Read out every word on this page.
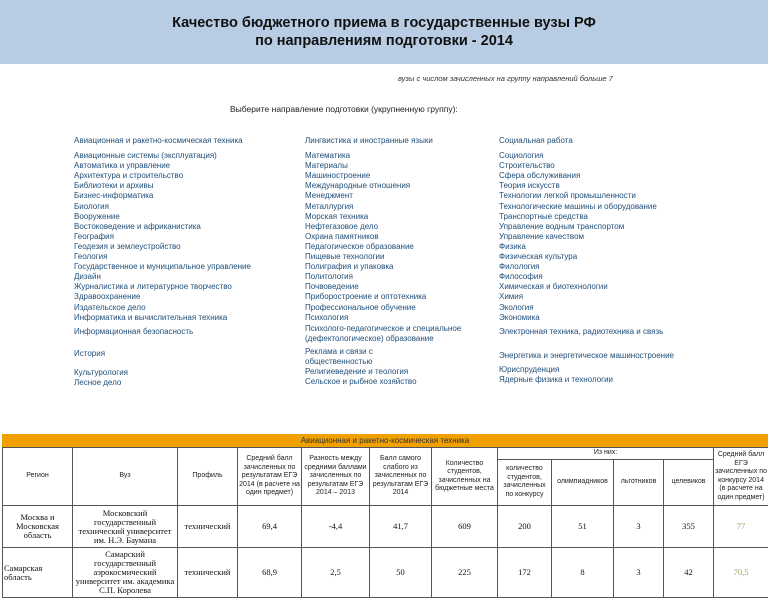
Качество бюджетного приема в государственные вузы РФ
по направлениям подготовки - 2014
вузы с числом зачисленных на группу направлений больше 7
Выберите направление подготовки (укрупненную группу):
Авиационная и ракетно-космическая техника
Авиационные системы (эксплуатация)
Автоматика и управление
Архитектура и строительство
Библиотеки и архивы
Бизнес-информатика
Биология
Вооружение
Востоковедение и африканистика
География
Геодезия и землеустройство
Геология
Государственное и муниципальное управление
Дизайн
Журналистика и литературное творчество
Здравоохранение
Издательское дело
Информатика и вычислительная техника
Информационная безопасность
История
Культурология
Лесное дело
Лингвистика и иностранные языки
Математика
Материалы
Машиностроение
Международные отношения
Менеджмент
Металлургия
Морская техника
Нефтегазовое дело
Охрана памятников
Педагогическое образование
Пищевые технологии
Полиграфия и упаковка
Политология
Почвоведение
Приборостроение и оптотехника
Профессиональное обучение
Психология
Психолого-педагогическое и специальное (дефектологическое) образование
Реклама и связи с общественностью
Религиеведение и теология
Сельское и рыбное хозяйство
Социальная работа
Социология
Строительство
Сфера обслуживания
Теория искусств
Технологии легкой промышленности
Технологические машины и оборудование
Транспортные средства
Управление водным транспортом
Управление качеством
Физика
Физическая культура
Филология
Философия
Химическая и биотехнологии
Химия
Экология
Экономика
Электронная техника, радиотехника и связь
Энергетика и энергетическое машиностроение
Юриспруденция
Ядерные физика и технологии
Авиационная и ракетно-космическая техника
Регион	Вуз	Профиль	Средний балл зачисленных по результатам ЕГЭ 2014 (в расчете на один предмет)	Разность между средними баллами зачисленных по результатам ЕГЭ 2014 – 2013	Балл самого слабого из зачисленных по результатам ЕГЭ 2014	Количество студентов, зачисленных на бюджетные места	Из них:				Средний балл ЕГЭ зачисленных по конкурсу 2014 (в расчете на один предмет)
							количество студентов, зачисленных по конкурсу	олимпиадников	льготников	целевиков	
Москва и Московская область	Московский государственный технический университет им. Н.Э. Баумана	технический	69,4	-4,4	41,7	609	200	51	3	355	77
Самарская область	Самарский государственный аэрокосмический университет им. академика С.П. Королева	технический	68,9	2,5	50	225	172	8	3	42	70,5
